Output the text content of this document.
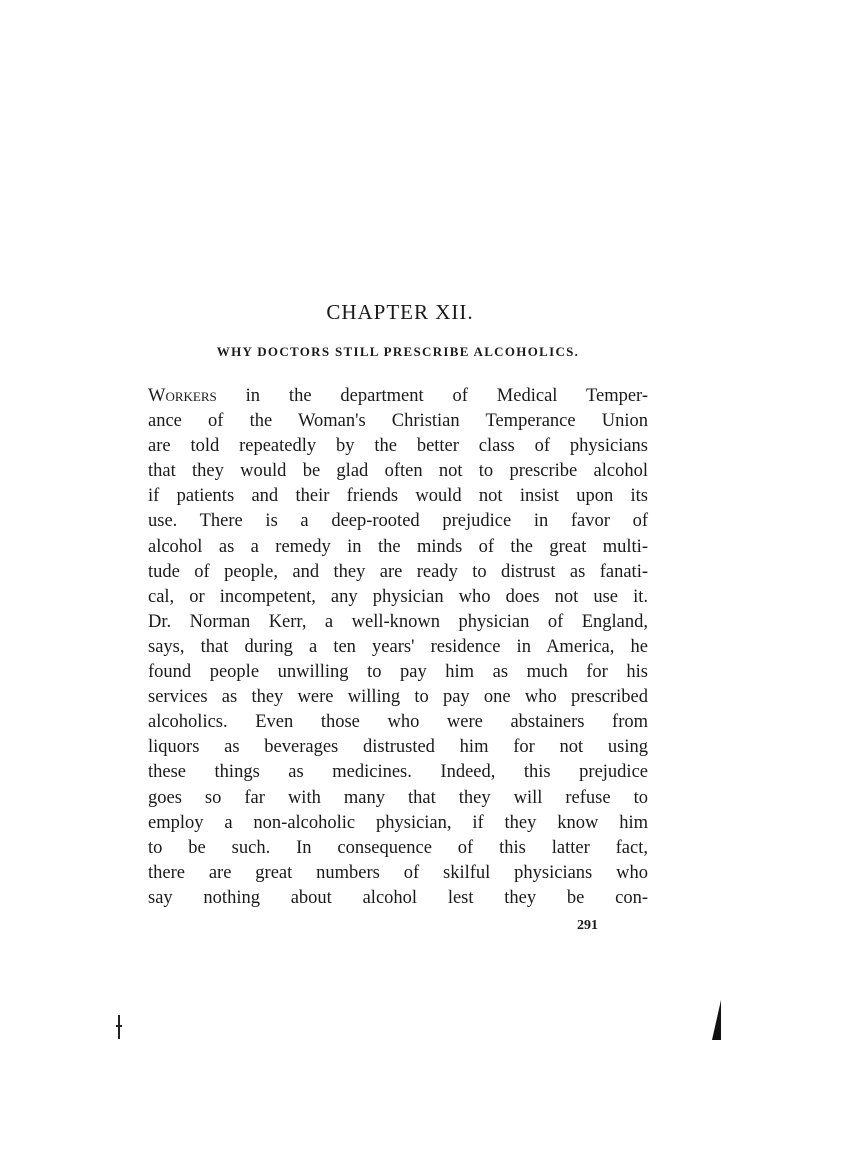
CHAPTER XII.
WHY DOCTORS STILL PRESCRIBE ALCOHOLICS.
Workers in the department of Medical Temper-
ance of the Woman's Christian Temperance Union
are told repeatedly by the better class of physicians
that they would be glad often not to prescribe alcohol
if patients and their friends would not insist upon its
use. There is a deep-rooted prejudice in favor of
alcohol as a remedy in the minds of the great multi-
tude of people, and they are ready to distrust as fanati-
cal, or incompetent, any physician who does not use it.
Dr. Norman Kerr, a well-known physician of England,
says, that during a ten years' residence in America, he
found people unwilling to pay him as much for his
services as they were willing to pay one who prescribed
alcoholics. Even those who were abstainers from
liquors as beverages distrusted him for not using
these things as medicines. Indeed, this prejudice
goes so far with many that they will refuse to
employ a non-alcoholic physician, if they know him
to be such. In consequence of this latter fact,
there are great numbers of skilful physicians who
say nothing about alcohol lest they be con-
291
